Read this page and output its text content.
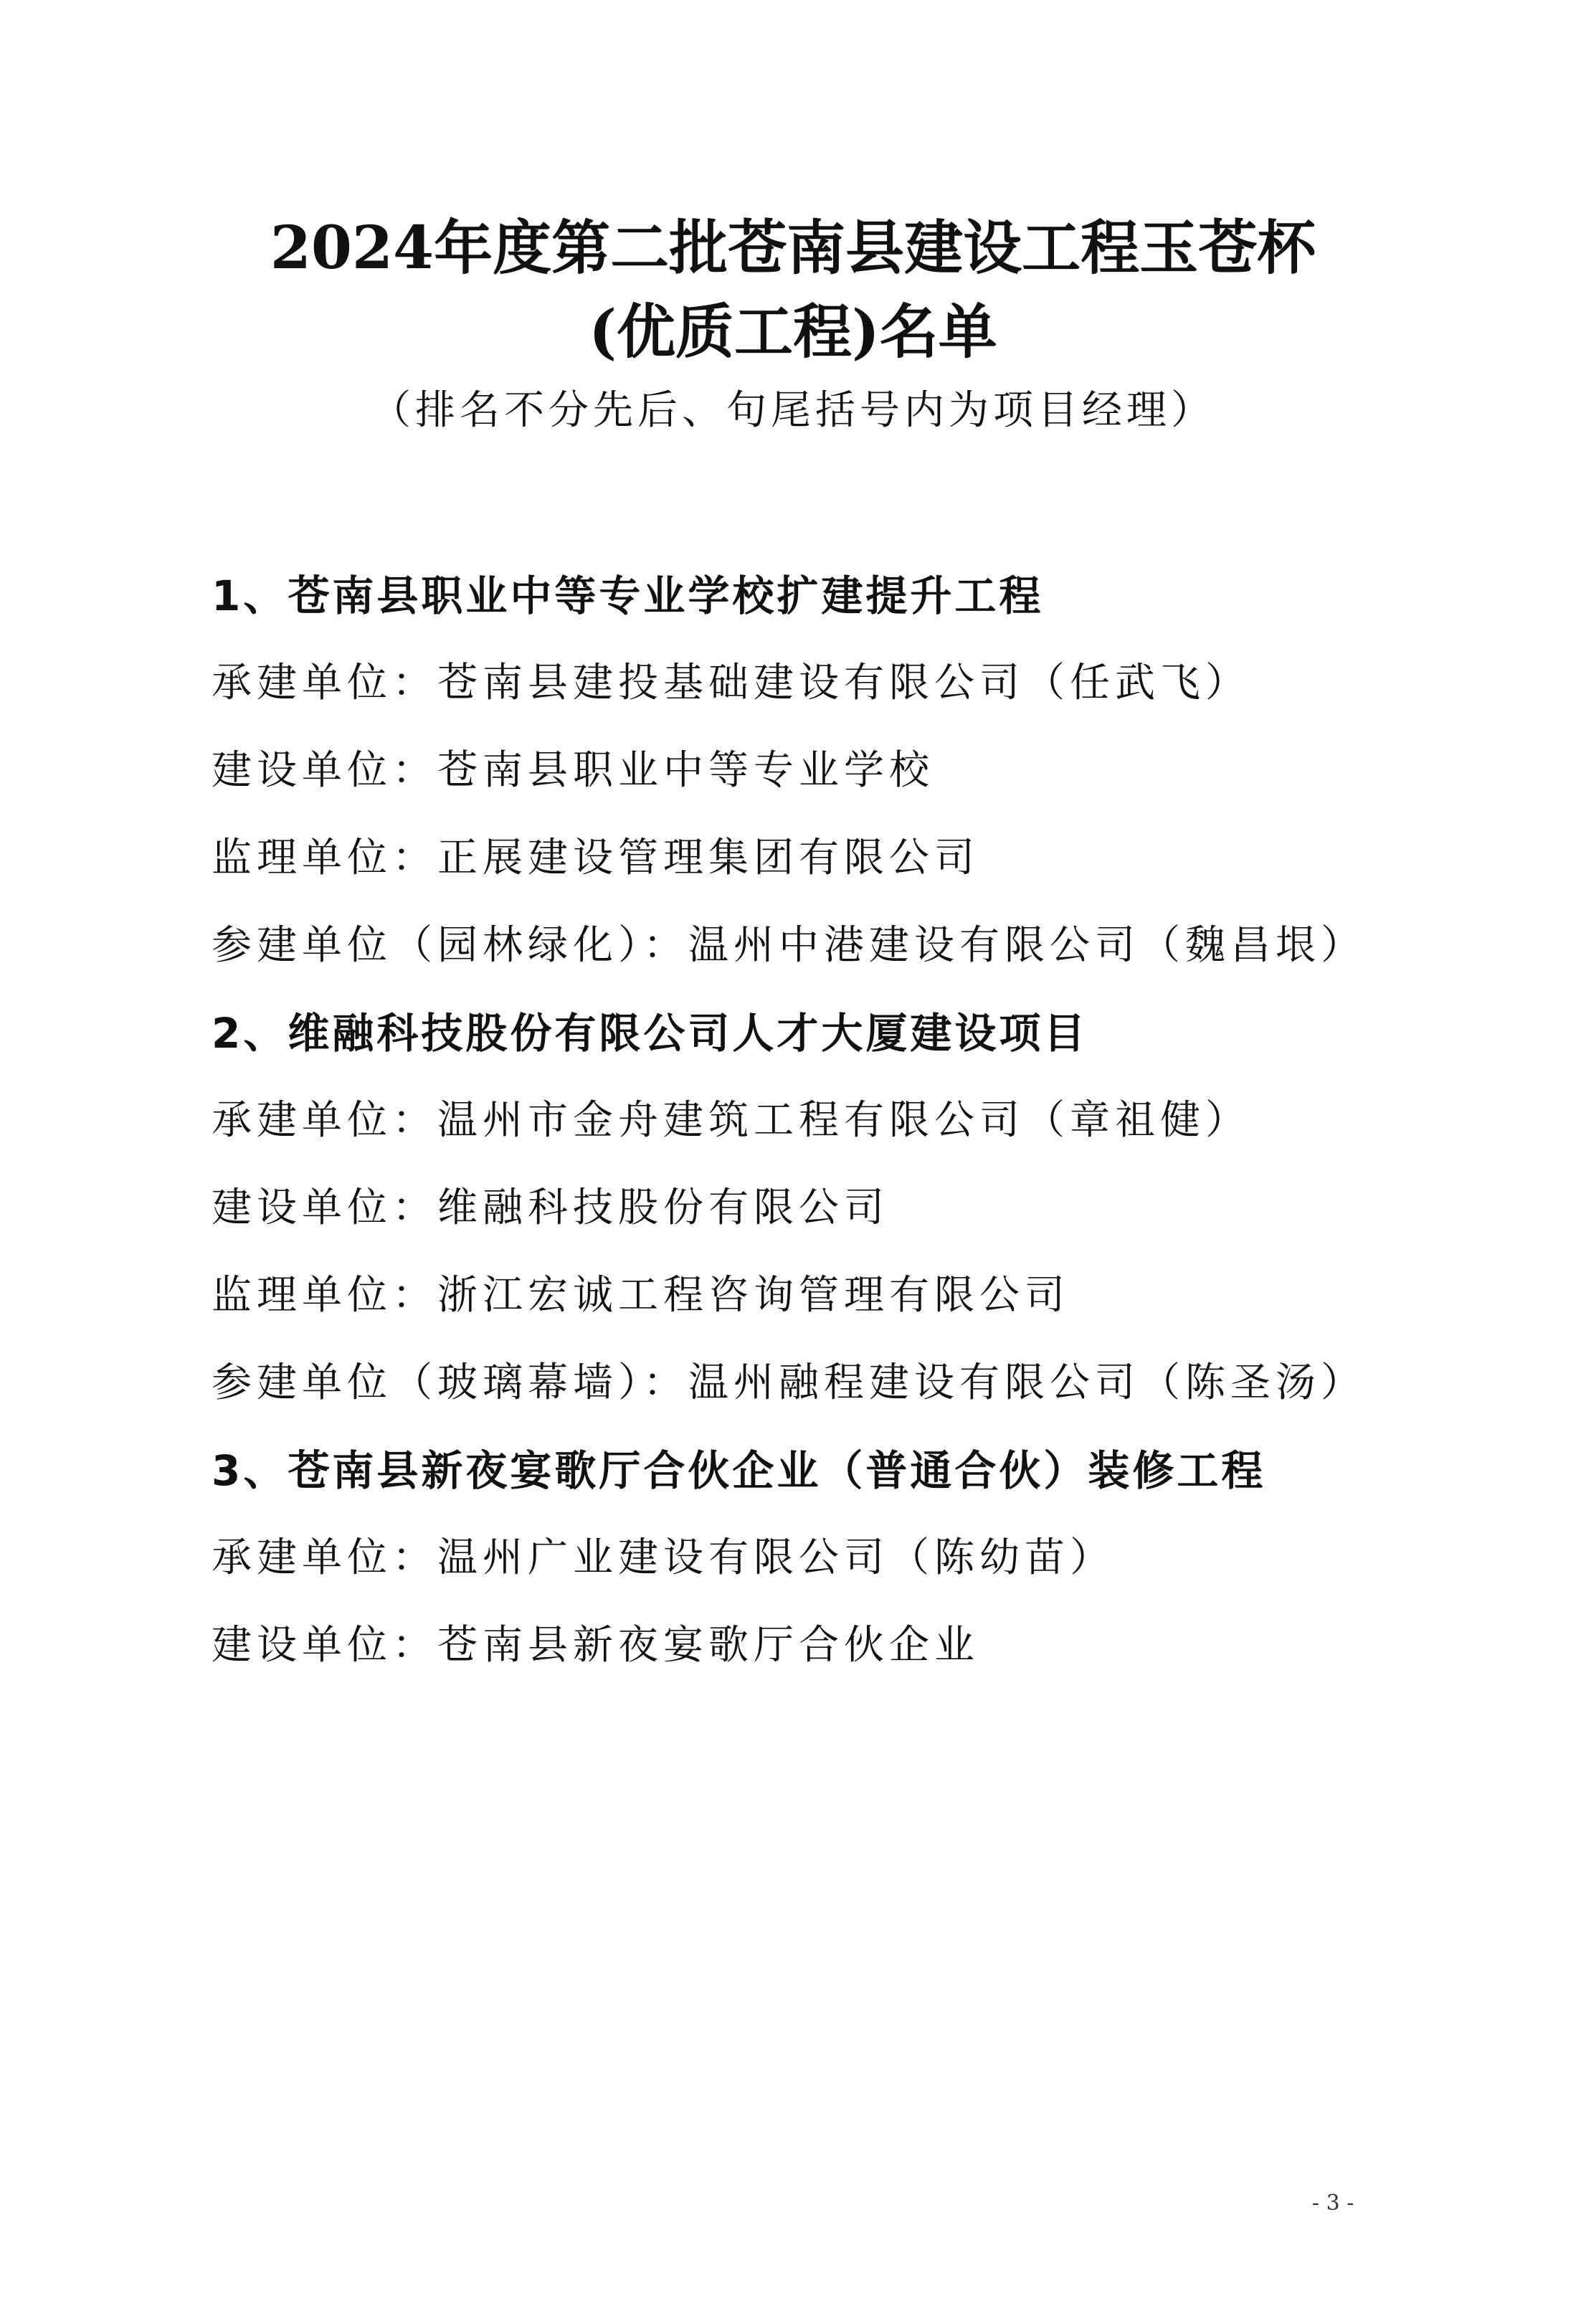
2024年度第二批苍南县建设工程玉苍杯
(优质工程)名单
（排名不分先后、句尾括号内为项目经理）
1、苍南县职业中等专业学校扩建提升工程
承建单位：苍南县建投基础建设有限公司（任武飞）
建设单位：苍南县职业中等专业学校
监理单位：正展建设管理集团有限公司
参建单位（园林绿化）：温州中港建设有限公司（魏昌垠）
2、维融科技股份有限公司人才大厦建设项目
承建单位：温州市金舟建筑工程有限公司（章祖健）
建设单位：维融科技股份有限公司
监理单位：浙江宏诚工程咨询管理有限公司
参建单位（玻璃幕墙）：温州融程建设有限公司（陈圣汤）
3、苍南县新夜宴歌厅合伙企业（普通合伙）装修工程
承建单位：温州广业建设有限公司（陈幼苗）
建设单位：苍南县新夜宴歌厅合伙企业
- 3 -
